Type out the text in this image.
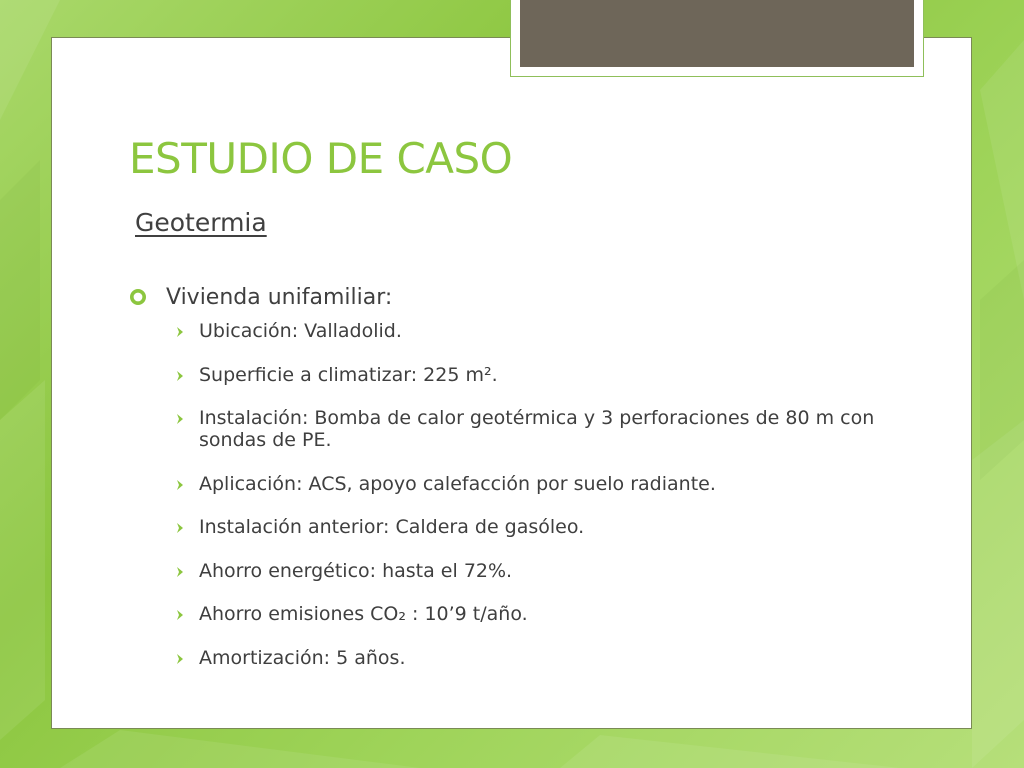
ESTUDIO DE CASO
Geotermia
Vivienda unifamiliar:
Ubicación: Valladolid.
Superficie a climatizar: 225 m².
Instalación: Bomba de calor geotérmica y 3 perforaciones de 80 m con sondas de PE.
Aplicación: ACS, apoyo calefacción por suelo radiante.
Instalación anterior: Caldera de gasóleo.
Ahorro energético: hasta el 72%.
Ahorro emisiones CO₂ : 10’9 t/año.
Amortización: 5 años.
